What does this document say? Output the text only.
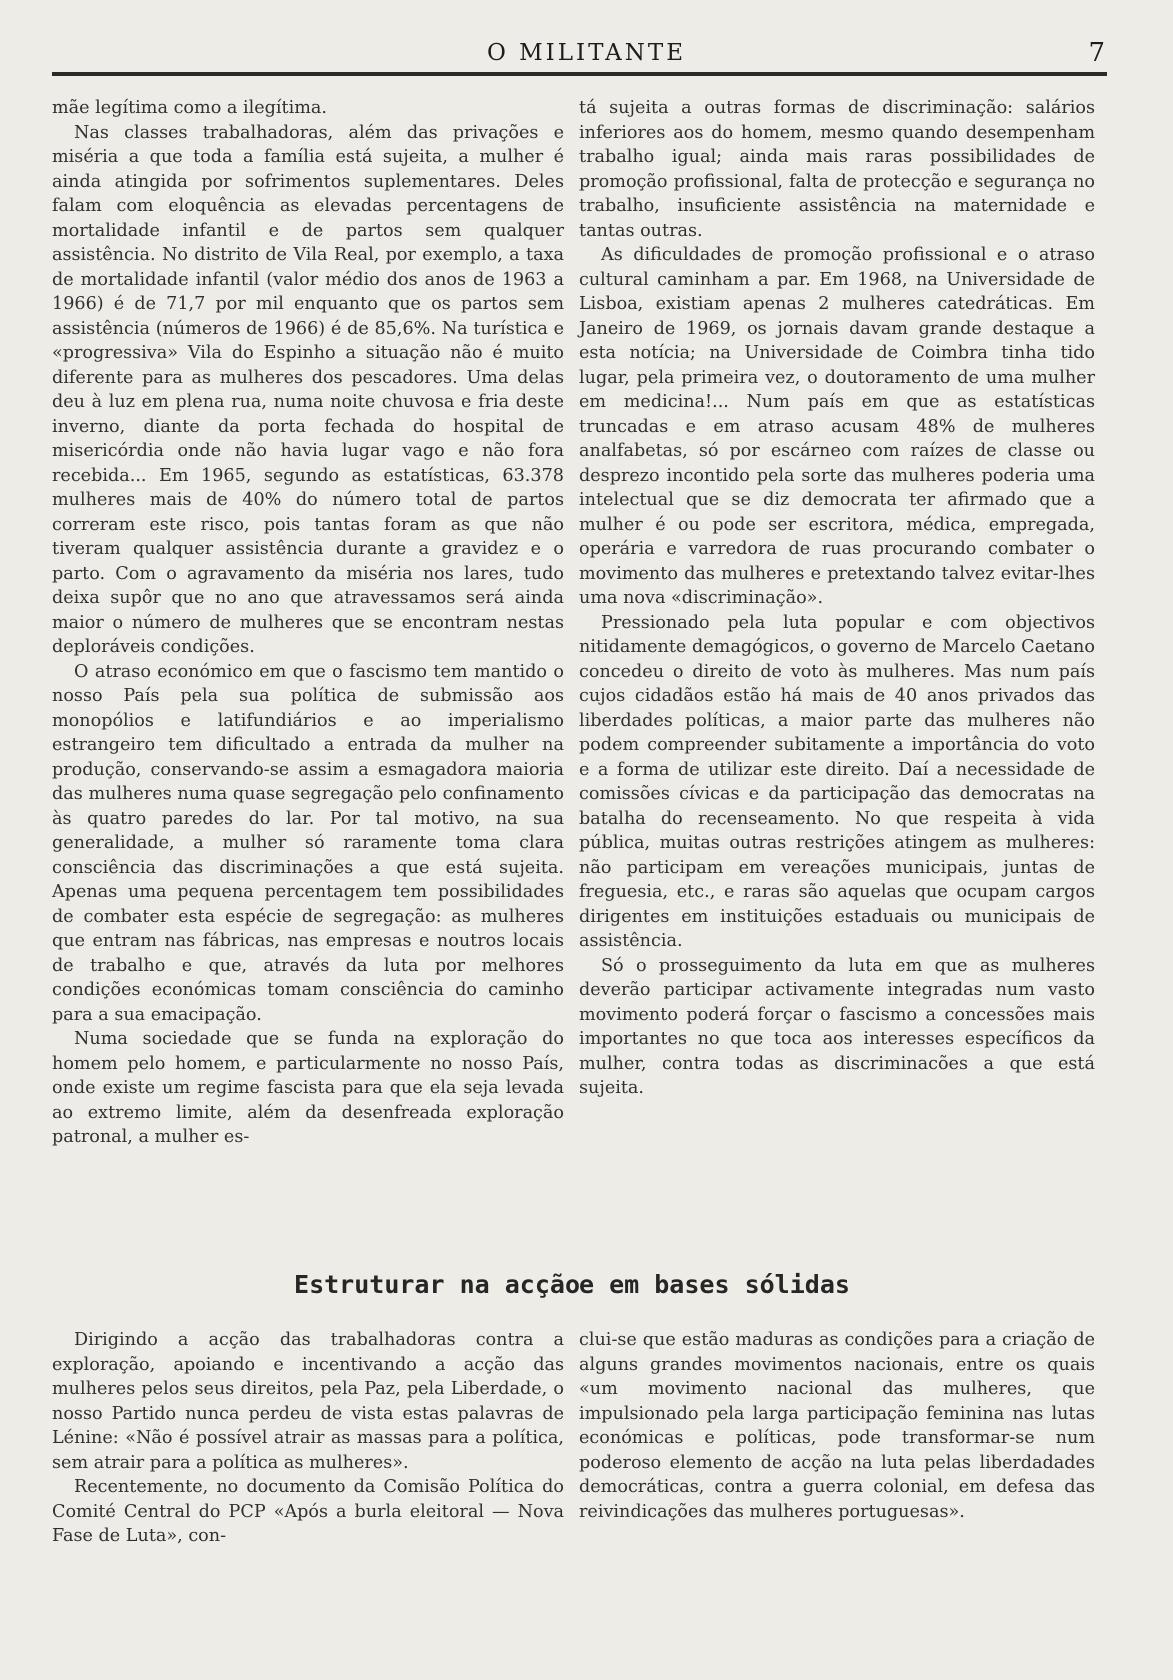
O MILITANTE	7

mãe legítima como a ilegítima.

Nas classes trabalhadoras, além das privações e miséria a que toda a família está sujeita, a mulher é ainda atingida por sofrimentos suplementares. Deles falam com eloquência as elevadas percentagens de mortalidade infantil e de partos sem qualquer assistência. No distrito de Vila Real, por exemplo, a taxa de mortalidade infantil (valor médio dos anos de 1963 a 1966) é de 71,7 por mil enquanto que os partos sem assistência (números de 1966) é de 85,6%. Na turística e «progressiva» Vila do Espinho a situação não é muito diferente para as mulheres dos pescadores. Uma delas deu à luz em plena rua, numa noite chuvosa e fria deste inverno, diante da porta fechada do hospital de misericórdia onde não havia lugar vago e não fora recebida... Em 1965, segundo as estatísticas, 63.378 mulheres mais de 40% do número total de partos correram este risco, pois tantas foram as que não tiveram qualquer assistência durante a gravidez e o parto. Com o agravamento da miséria nos lares, tudo deixa supôr que no ano que atravessamos será ainda maior o número de mulheres que se encontram nestas deploráveis condições.

O atraso económico em que o fascismo tem mantido o nosso País pela sua política de submissão aos monopólios e latifundiários e ao imperialismo estrangeiro tem dificultado a entrada da mulher na produção, conservando-se assim a esmagadora maioria das mulheres numa quase segregação pelo confinamento às quatro paredes do lar. Por tal motivo, na sua generalidade, a mulher só raramente toma clara consciência das discriminações a que está sujeita. Apenas uma pequena percentagem tem possibilidades de combater esta espécie de segregação: as mulheres que entram nas fábricas, nas empresas e noutros locais de trabalho e que, através da luta por melhores condições económicas tomam consciência do caminho para a sua emacipação.

Numa sociedade que se funda na exploração do homem pelo homem, e particularmente no nosso País, onde existe um regime fascista para que ela seja levada ao extremo limite, além da desenfreada exploração patronal, a mulher es-

tá sujeita a outras formas de discriminação: salários inferiores aos do homem, mesmo quando desempenham trabalho igual; ainda mais raras possibilidades de promoção profissional, falta de protecção e segurança no trabalho, insuficiente assistência na maternidade e tantas outras.

As dificuldades de promoção profissional e o atraso cultural caminham a par. Em 1968, na Universidade de Lisboa, existiam apenas 2 mulheres catedráticas. Em Janeiro de 1969, os jornais davam grande destaque a esta notícia; na Universidade de Coimbra tinha tido lugar, pela primeira vez, o doutoramento de uma mulher em medicina!... Num país em que as estatísticas truncadas e em atraso acusam 48% de mulheres analfabetas, só por escárneo com raízes de classe ou desprezo incontido pela sorte das mulheres poderia uma intelectual que se diz democrata ter afirmado que a mulher é ou pode ser escritora, médica, empregada, operária e varredora de ruas procurando combater o movimento das mulheres e pretextando talvez evitar-lhes uma nova «discriminação».

Pressionado pela luta popular e com objectivos nitidamente demagógicos, o governo de Marcelo Caetano concedeu o direito de voto às mulheres. Mas num país cujos cidadãos estão há mais de 40 anos privados das liberdades políticas, a maior parte das mulheres não podem compreender subitamente a importância do voto e a forma de utilizar este direito. Daí a necessidade de comissões cívicas e da participação das democratas na batalha do recenseamento. No que respeita à vida pública, muitas outras restrições atingem as mulheres: não participam em vereações municipais, juntas de freguesia, etc., e raras são aquelas que ocupam cargos dirigentes em instituições estaduais ou municipais de assistência.

Só o prosseguimento da luta em que as mulheres deverão participar activamente integradas num vasto movimento poderá forçar o fascismo a concessões mais importantes no que toca aos interesses específicos da mulher, contra todas as discriminacões a que está sujeita.

Estruturar na acção e em bases sólidas

Dirigindo a acção das trabalhadoras contra a exploração, apoiando e incentivando a acção das mulheres pelos seus direitos, pela Paz, pela Liberdade, o nosso Partido nunca perdeu de vista estas palavras de Lénine: «Não é possível atrair as massas para a política, sem atrair para a política as mulheres».

Recentemente, no documento da Comisão Política do Comité Central do PCP «Após a burla eleitoral — Nova Fase de Luta», con-

clui-se que estão maduras as condições para a criação de alguns grandes movimentos nacionais, entre os quais «um movimento nacional das mulheres, que impulsionado pela larga participação feminina nas lutas económicas e políticas, pode transformar-se num poderoso elemento de acção na luta pelas liberdadades democráticas, contra a guerra colonial, em defesa das reivindicações das mulheres portuguesas».
